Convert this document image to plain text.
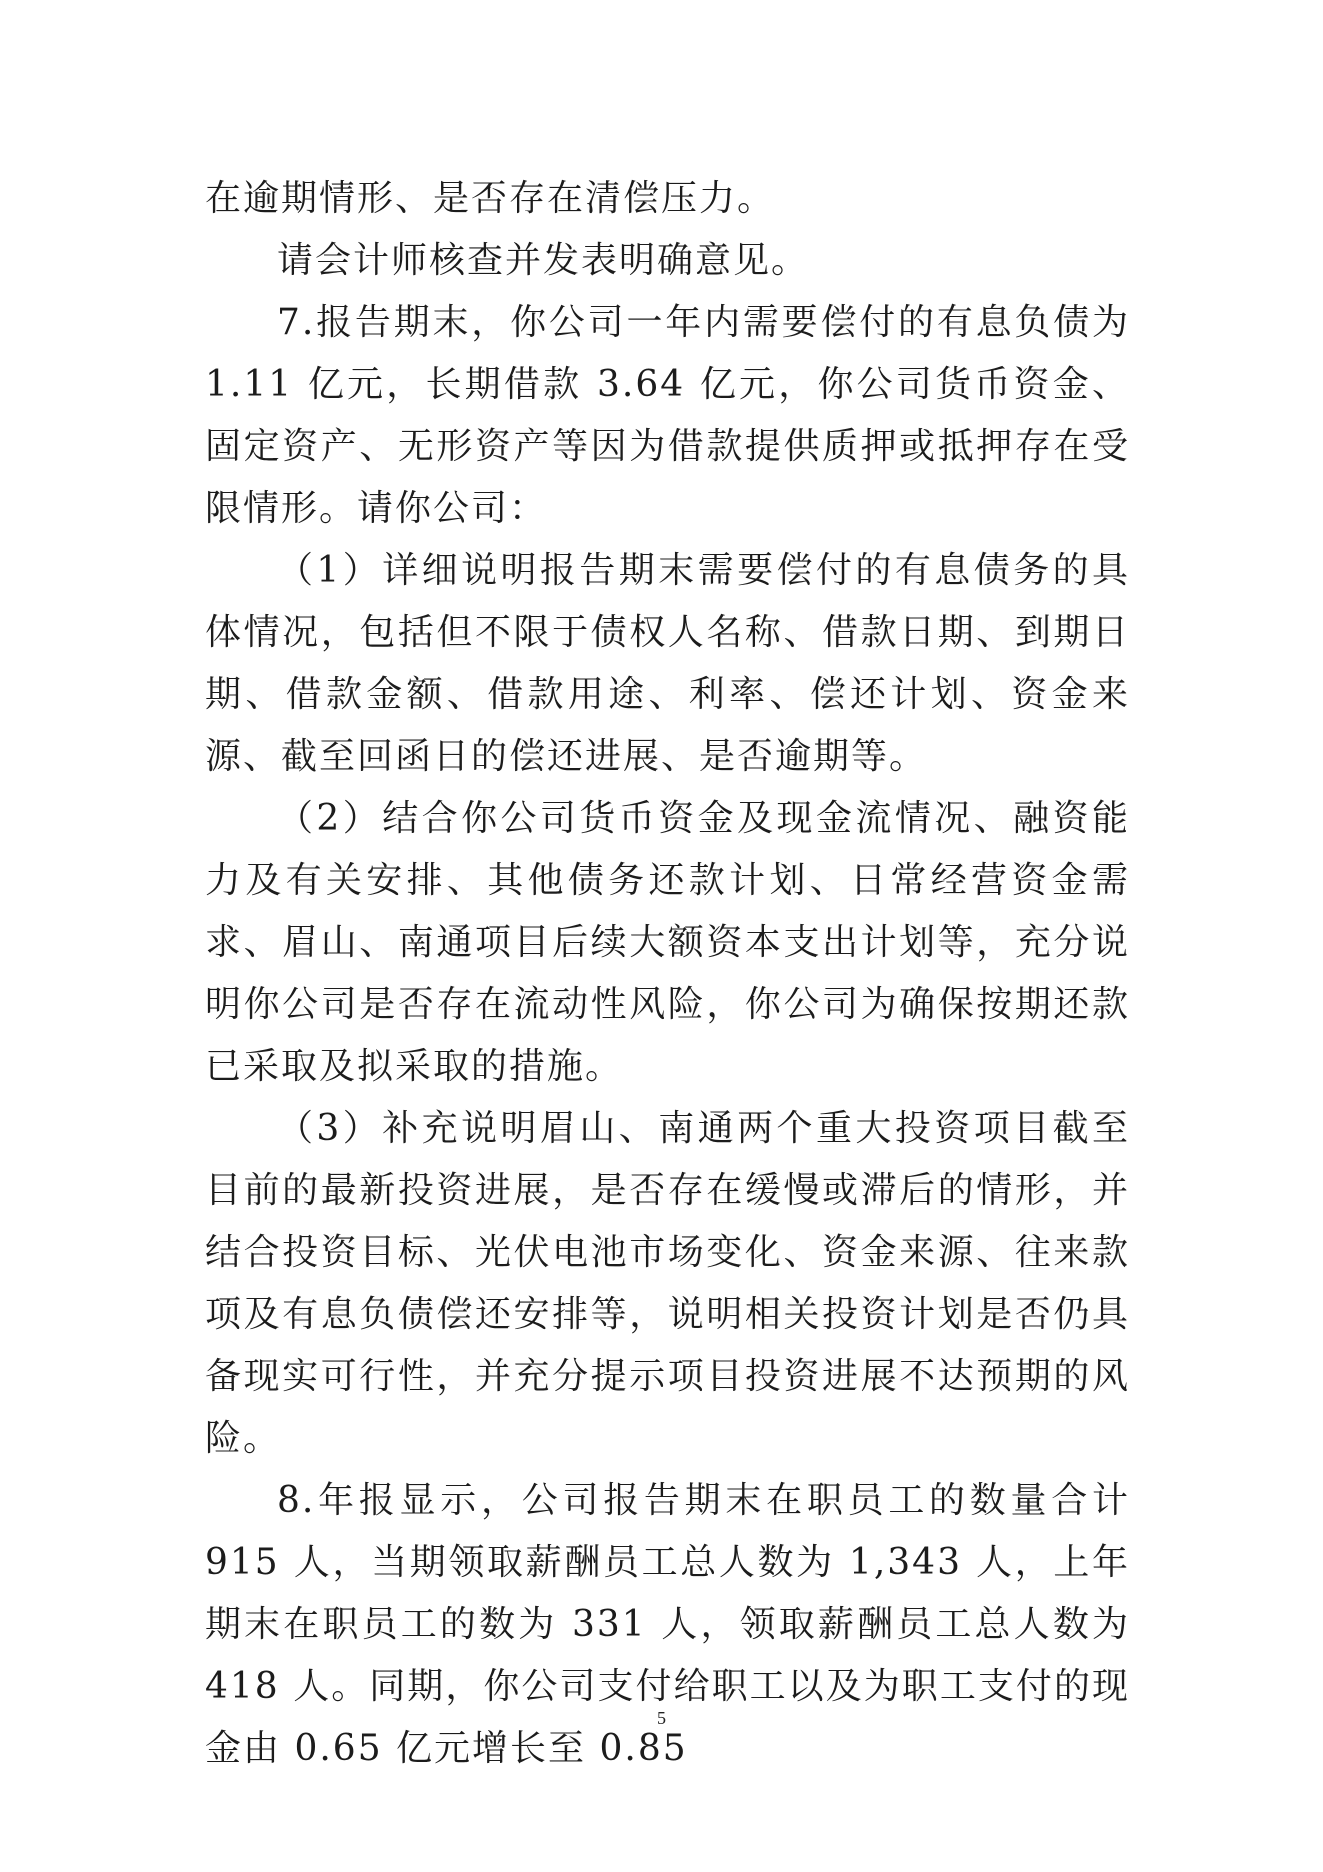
在逾期情形、是否存在清偿压力。

请会计师核查并发表明确意见。

7.报告期末，你公司一年内需要偿付的有息负债为 1.11 亿元，长期借款 3.64 亿元，你公司货币资金、固定资产、无形资产等因为借款提供质押或抵押存在受限情形。请你公司：

（1）详细说明报告期末需要偿付的有息债务的具体情况，包括但不限于债权人名称、借款日期、到期日期、借款金额、借款用途、利率、偿还计划、资金来源、截至回函日的偿还进展、是否逾期等。

（2）结合你公司货币资金及现金流情况、融资能力及有关安排、其他债务还款计划、日常经营资金需求、眉山、南通项目后续大额资本支出计划等，充分说明你公司是否存在流动性风险，你公司为确保按期还款已采取及拟采取的措施。

（3）补充说明眉山、南通两个重大投资项目截至目前的最新投资进展，是否存在缓慢或滞后的情形，并结合投资目标、光伏电池市场变化、资金来源、往来款项及有息负债偿还安排等，说明相关投资计划是否仍具备现实可行性，并充分提示项目投资进展不达预期的风险。

8.年报显示，公司报告期末在职员工的数量合计 915 人，当期领取薪酬员工总人数为 1,343 人，上年期末在职员工的数为 331 人，领取薪酬员工总人数为 418 人。同期，你公司支付给职工以及为职工支付的现金由 0.65 亿元增长至 0.85

5
